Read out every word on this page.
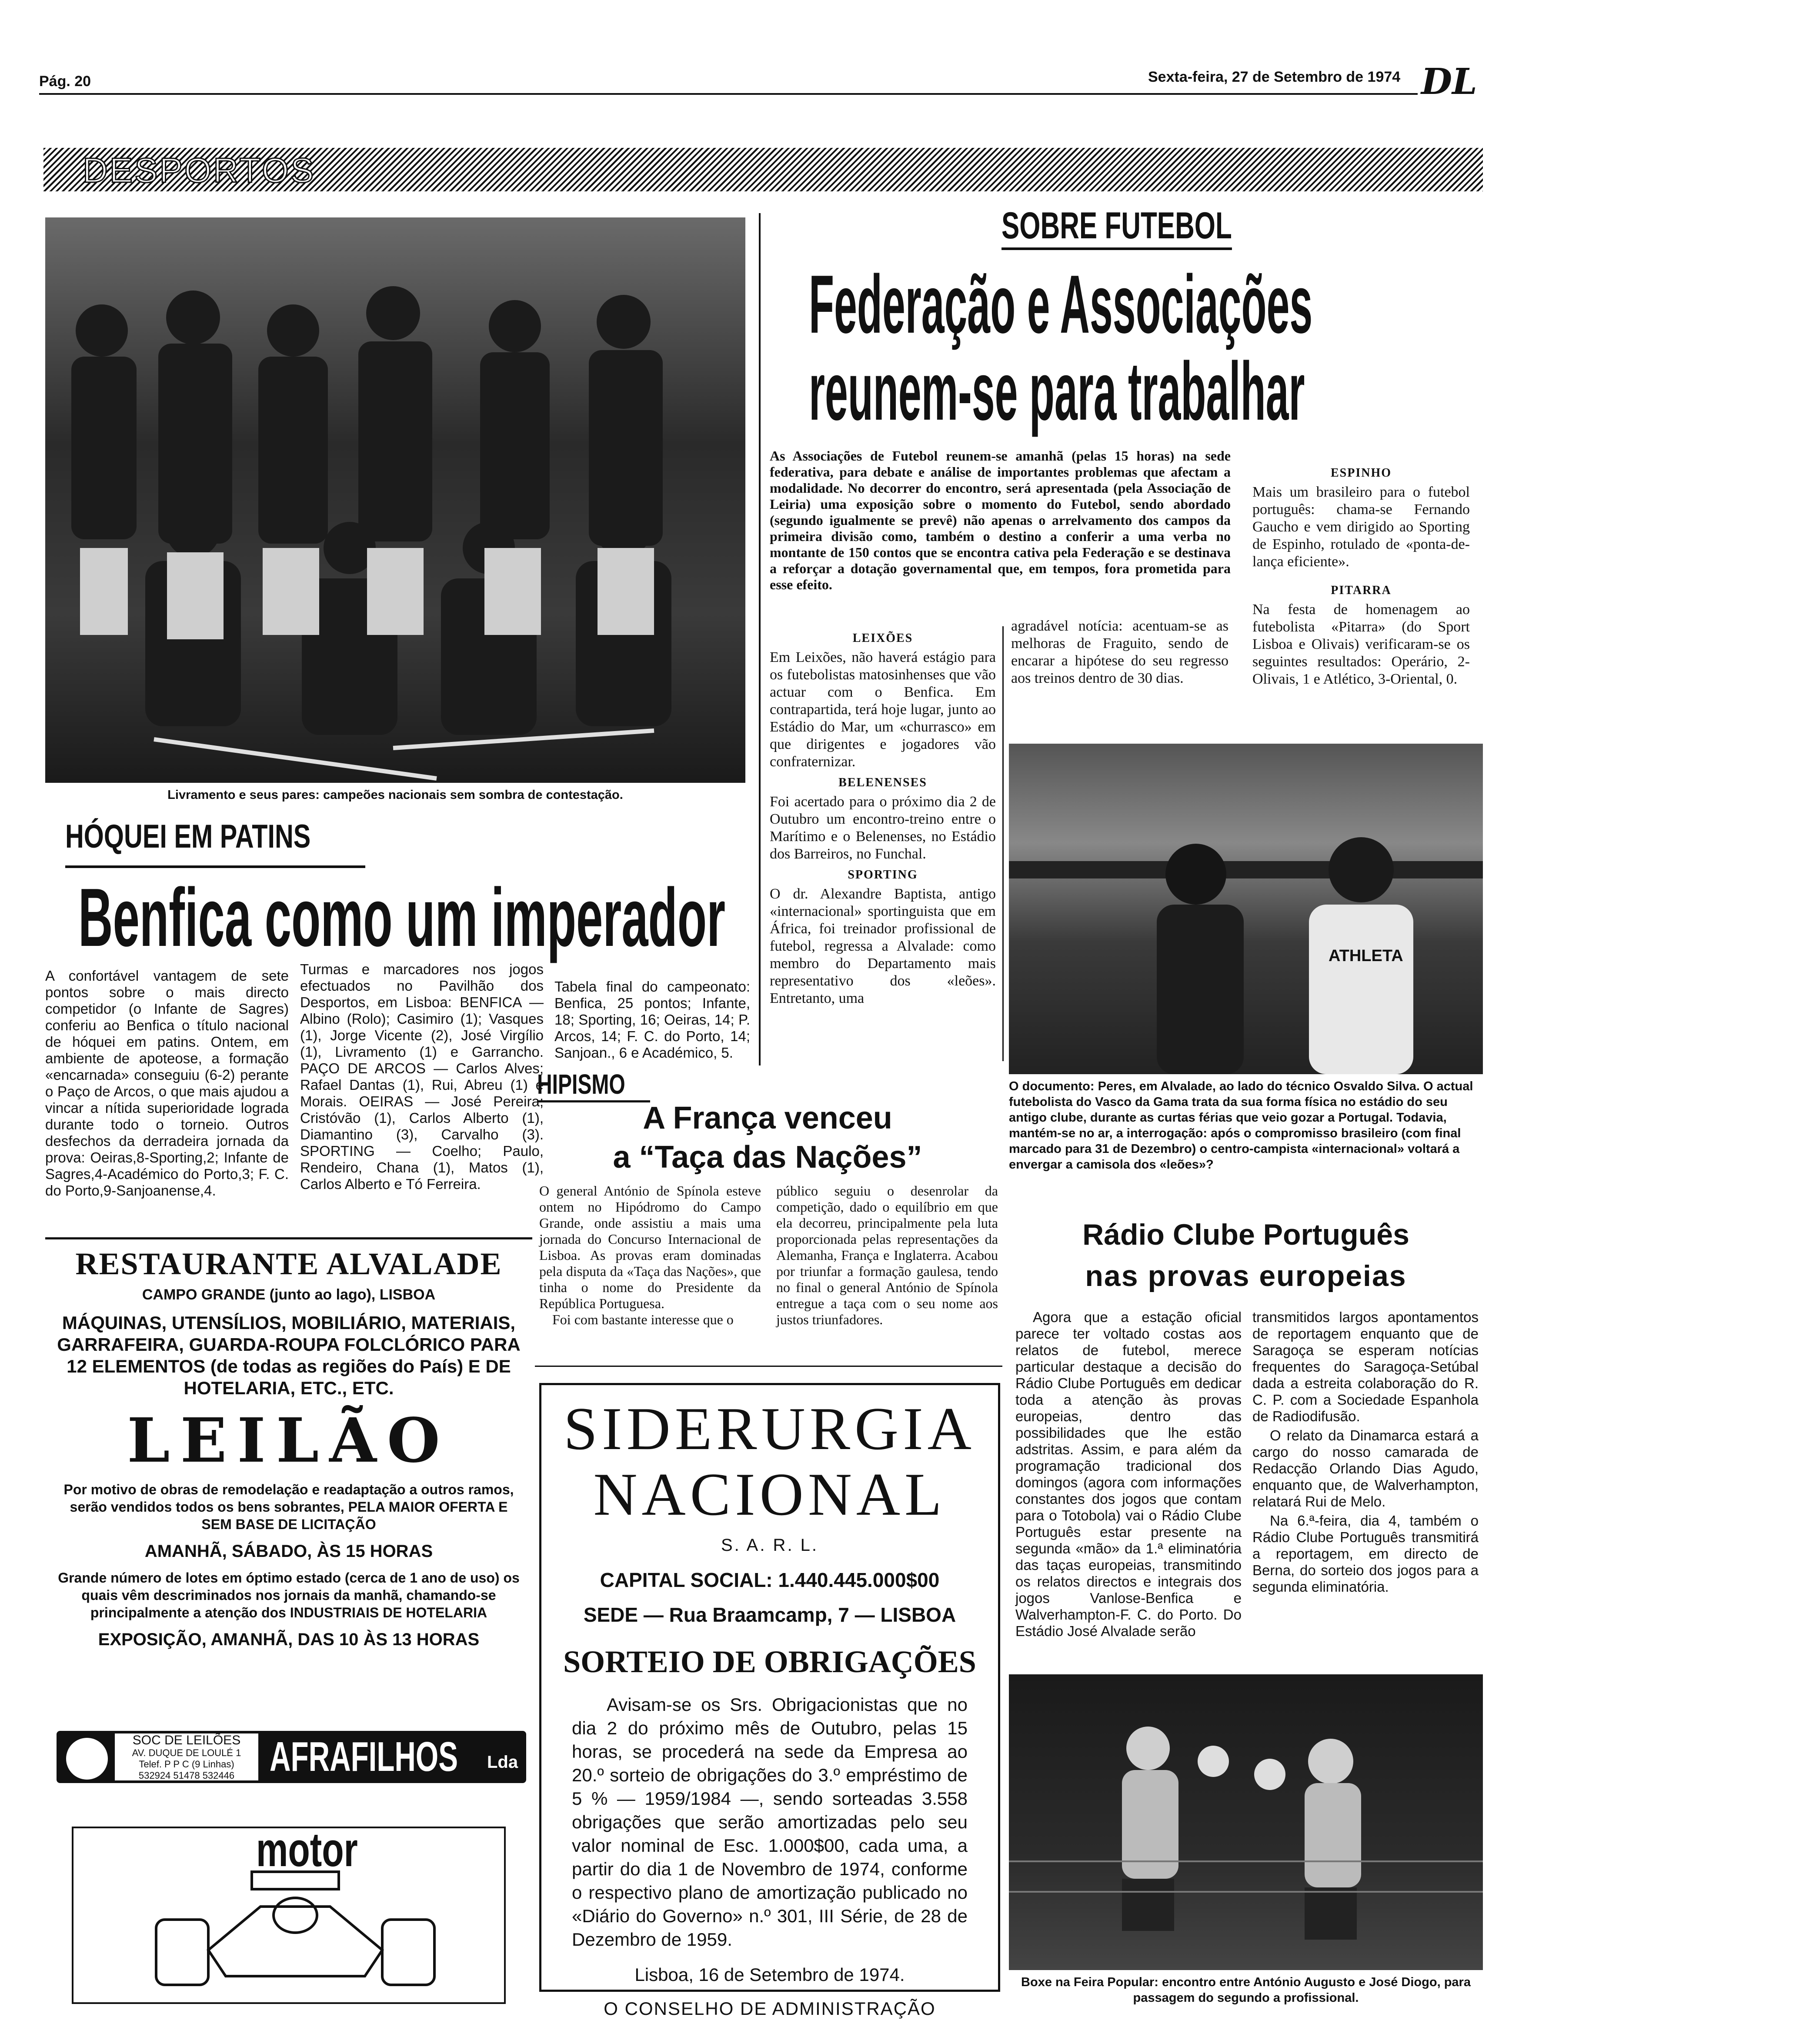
Pág. 20	Sexta-feira, 27 de Setembro de 1974 DL
DESPORTOS
Livramento e seus pares: campeões nacionais sem sombra de contestação.
HÓQUEI EM PATINS
Benfica como um imperador
A confortável vantagem de sete pontos sobre o mais directo competidor (o Infante de Sagres) conferiu ao Benfica o título nacional de hóquei em patins. Ontem, em ambiente de apoteose, a formação «encarnada» conseguiu (6-2) perante o Paço de Arcos, o que mais ajudou a vincar a nítida superioridade lograda durante todo o torneio. Outros desfechos da derradeira jornada da prova: Oeiras,8-Sporting,2; Infante de Sagres,4-Académico do Porto,3; F. C. do Porto,9-Sanjoanense,4.
Turmas e marcadores nos jogos efectuados no Pavilhão dos Desportos, em Lisboa: BENFICA — Albino (Rolo); Casimiro (1); Vasques (1), Jorge Vicente (2), José Virgílio (1), Livramento (1) e Garrancho. PAÇO DE ARCOS — Carlos Alves; Rafael Dantas (1), Rui, Abreu (1) e Morais. OEIRAS — José Pereira; Cristóvão (1), Carlos Alberto (1), Diamantino (3), Carvalho (3). SPORTING — Coelho; Paulo, Rendeiro, Chana (1), Matos (1), Carlos Alberto e Tó Ferreira.
Tabela final do campeonato: Benfica, 25 pontos; Infante, 18; Sporting, 16; Oeiras, 14; P. Arcos, 14; F. C. do Porto, 14; Sanjoan., 6 e Académico, 5.
SOBRE FUTEBOL
Federação e Associações
reunem-se para trabalhar
As Associações de Futebol reunem-se amanhã (pelas 15 horas) na sede federativa, para debate e análise de importantes problemas que afectam a modalidade. No decorrer do encontro, será apresentada (pela Associação de Leiria) uma exposição sobre o momento do Futebol, sendo abordado (segundo igualmente se prevê) não apenas o arrelvamento dos campos da primeira divisão como, também o destino a conferir a uma verba no montante de 150 contos que se encontra cativa pela Federação e se destinava a reforçar a dotação governamental que, em tempos, fora prometida para esse efeito.
LEIXÕES
Em Leixões, não haverá estágio para os futebolistas matosinhenses que vão actuar com o Benfica. Em contrapartida, terá hoje lugar, junto ao Estádio do Mar, um «churrasco» em que dirigentes e jogadores vão confraternizar.
BELENENSES
Foi acertado para o próximo dia 2 de Outubro um encontro-treino entre o Marítimo e o Belenenses, no Estádio dos Barreiros, no Funchal.
SPORTING
O dr. Alexandre Baptista, antigo «internacional» sportinguista que em África, foi treinador profissional de futebol, regressa a Alvalade: como membro do Departamento mais representativo dos «leões». Entretanto, uma
agradável notícia: acentuam-se as melhoras de Fraguito, sendo de encarar a hipótese do seu regresso aos treinos dentro de 30 dias.
ESPINHO
Mais um brasileiro para o futebol português: chama-se Fernando Gaucho e vem dirigido ao Sporting de Espinho, rotulado de «ponta-de-lança eficiente».
PITARRA
Na festa de homenagem ao futebolista «Pitarra» (do Sport Lisboa e Olivais) verificaram-se os seguintes resultados: Operário, 2-Olivais, 1 e Atlético, 3-Oriental, 0.
ATHLETA
O documento: Peres, em Alvalade, ao lado do técnico Osvaldo Silva. O actual futebolista do Vasco da Gama trata da sua forma física no estádio do seu antigo clube, durante as curtas férias que veio gozar a Portugal. Todavia, mantém-se no ar, a interrogação: após o compromisso brasileiro (com final marcado para 31 de Dezembro) o centro-campista «internacional» voltará a envergar a camisola dos «leões»?
HIPISMO
A França venceu
a “Taça das Nações”
O general António de Spínola esteve ontem no Hipódromo do Campo Grande, onde assistiu a mais uma jornada do Concurso Internacional de Lisboa. As provas eram dominadas pela disputa da «Taça das Nações», que tinha o nome do Presidente da República Portuguesa.
Foi com bastante interesse que o
público seguiu o desenrolar da competição, dado o equilíbrio em que ela decorreu, principalmente pela luta proporcionada pelas representações da Alemanha, França e Inglaterra. Acabou por triunfar a formação gaulesa, tendo no final o general António de Spínola entregue a taça com o seu nome aos justos triunfadores.
Rádio Clube Português
nas provas europeias
Agora que a estação oficial parece ter voltado costas aos relatos de futebol, merece particular destaque a decisão do Rádio Clube Português em dedicar toda a atenção às provas europeias, dentro das possibilidades que lhe estão adstritas. Assim, e para além da programação tradicional dos domingos (agora com informações constantes dos jogos que contam para o Totobola) vai o Rádio Clube Português estar presente na segunda «mão» da 1.ª eliminatória das taças europeias, transmitindo os relatos directos e integrais dos jogos Vanlose-Benfica e Walverhampton-F. C. do Porto. Do Estádio José Alvalade serão
transmitidos largos apontamentos de reportagem enquanto que de Saragoça se esperam notícias frequentes do Saragoça-Setúbal dada a estreita colaboração do R. C. P. com a Sociedade Espanhola de Radiodifusão.
O relato da Dinamarca estará a cargo do nosso camarada de Redacção Orlando Dias Agudo, enquanto que, de Walverhampton, relatará Rui de Melo.
Na 6.ª-feira, dia 4, também o Rádio Clube Português transmitirá a reportagem, em directo de Berna, do sorteio dos jogos para a segunda eliminatória.
Boxe na Feira Popular: encontro entre António Augusto e José Diogo, para passagem do segundo a profissional.
RESTAURANTE ALVALADE
CAMPO GRANDE (junto ao lago), LISBOA
MÁQUINAS, UTENSÍLIOS, MOBILIÁRIO, MATERIAIS, GARRAFEIRA, GUARDA-ROUPA FOLCLÓRICO PARA 12 ELEMENTOS (de todas as regiões do País) E DE HOTELARIA, ETC., ETC.
LEILÃO
Por motivo de obras de remodelação e readaptação a outros ramos, serão vendidos todos os bens sobrantes, PELA MAIOR OFERTA E SEM BASE DE LICITAÇÃO
AMANHÃ, SÁBADO, ÀS 15 HORAS
Grande número de lotes em óptimo estado (cerca de 1 ano de uso) os quais vêm descriminados nos jornais da manhã, chamando-se principalmente a atenção dos INDUSTRIAIS DE HOTELARIA
EXPOSIÇÃO, AMANHÃ, DAS 10 ÀS 13 HORAS
SOC DE LEILÕES
AV. DUQUE DE LOULÉ 1
Telef. P P C (9 Linhas)
532924 51478 532446 AFRAFILHOS Lda
motor
SIDERURGIA
NACIONAL
S. A. R. L.
CAPITAL SOCIAL: 1.440.445.000$00
SEDE — Rua Braamcamp, 7 — LISBOA
SORTEIO DE OBRIGAÇÕES
Avisam-se os Srs. Obrigacionistas que no dia 2 do próximo mês de Outubro, pelas 15 horas, se procederá na sede da Empresa ao 20.º sorteio de obrigações do 3.º empréstimo de 5 % — 1959/1984 —, sendo sorteadas 3.558 obrigações que serão amortizadas pelo seu valor nominal de Esc. 1.000$00, cada uma, a partir do dia 1 de Novembro de 1974, conforme o respectivo plano de amortização publicado no «Diário do Governo» n.º 301, III Série, de 28 de Dezembro de 1959.
Lisboa, 16 de Setembro de 1974.
O CONSELHO DE ADMINISTRAÇÃO
